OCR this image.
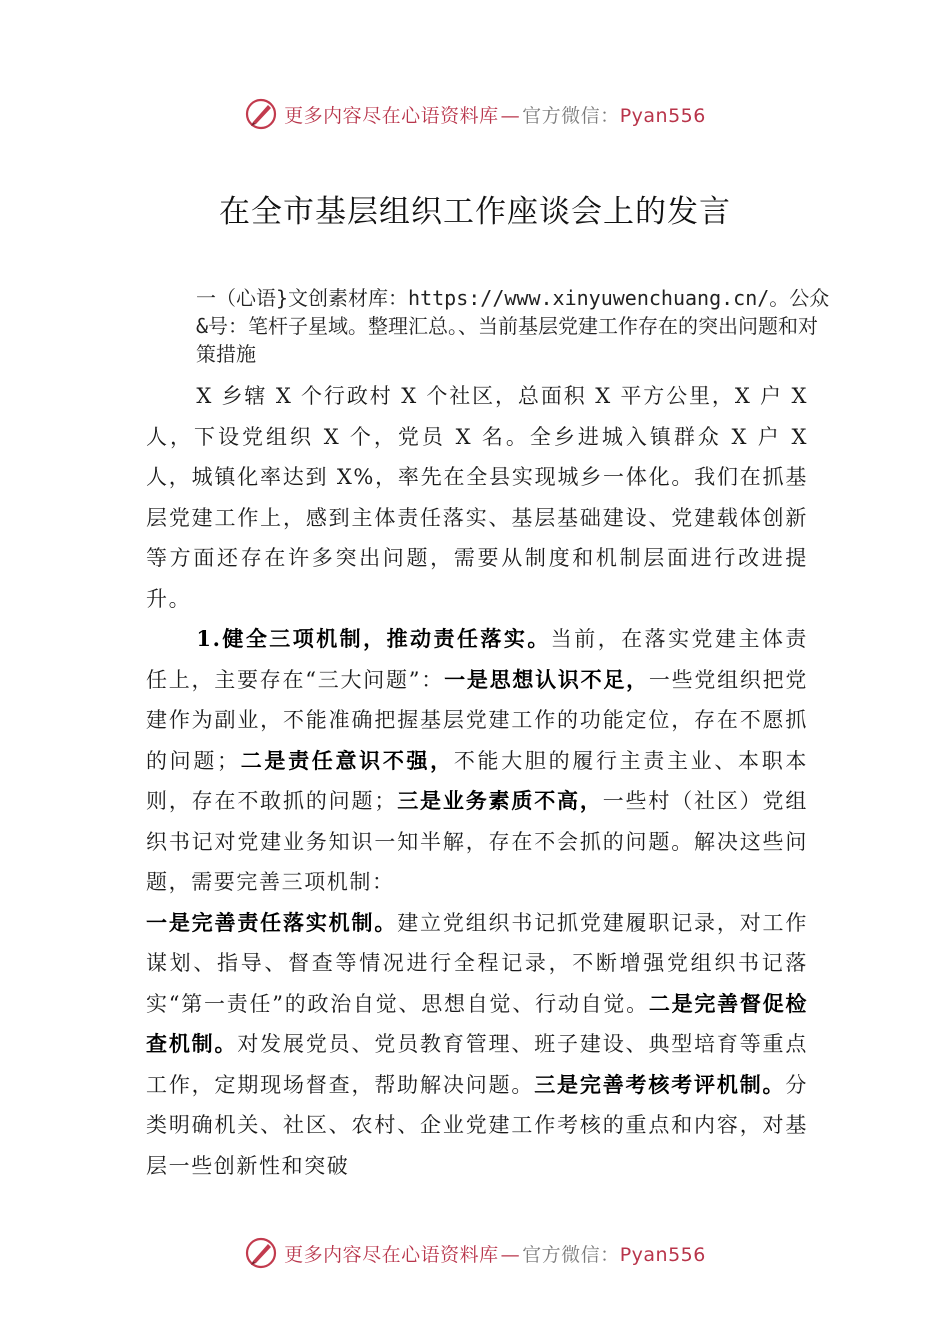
更多内容尽在心语资料库 — 官方微信：Pyan556
在全市基层组织工作座谈会上的发言
一（心语}文创素材库：https://www.xinyuwenchuang.cn/。公众&号：笔杆子星域。整理汇总。、当前基层党建工作存在的突出问题和对策措施

X 乡辖 X 个行政村 X 个社区，总面积 X 平方公里，X 户 X 人，下设党组织 X 个，党员 X 名。全乡进城入镇群众 X 户 X 人，城镇化率达到 X%，率先在全县实现城乡一体化。我们在抓基层党建工作上，感到主体责任落实、基层基础建设、党建载体创新等方面还存在许多突出问题，需要从制度和机制层面进行改进提升。

1.健全三项机制，推动责任落实。当前，在落实党建主体责任上，主要存在“三大问题”：一是思想认识不足，一些党组织把党建作为副业，不能准确把握基层党建工作的功能定位，存在不愿抓的问题；二是责任意识不强，不能大胆的履行主责主业、本职本则，存在不敢抓的问题；三是业务素质不高，一些村（社区）党组织书记对党建业务知识一知半解，存在不会抓的问题。解决这些问题，需要完善三项机制：

一是完善责任落实机制。建立党组织书记抓党建履职记录，对工作谋划、指导、督查等情况进行全程记录，不断增强党组织书记落实“第一责任”的政治自觉、思想自觉、行动自觉。二是完善督促检查机制。对发展党员、党员教育管理、班子建设、典型培育等重点工作，定期现场督查，帮助解决问题。三是完善考核考评机制。分类明确机关、社区、农村、企业党建工作考核的重点和内容，对基层一些创新性和突破

更多内容尽在心语资料库 — 官方微信：Pyan556
